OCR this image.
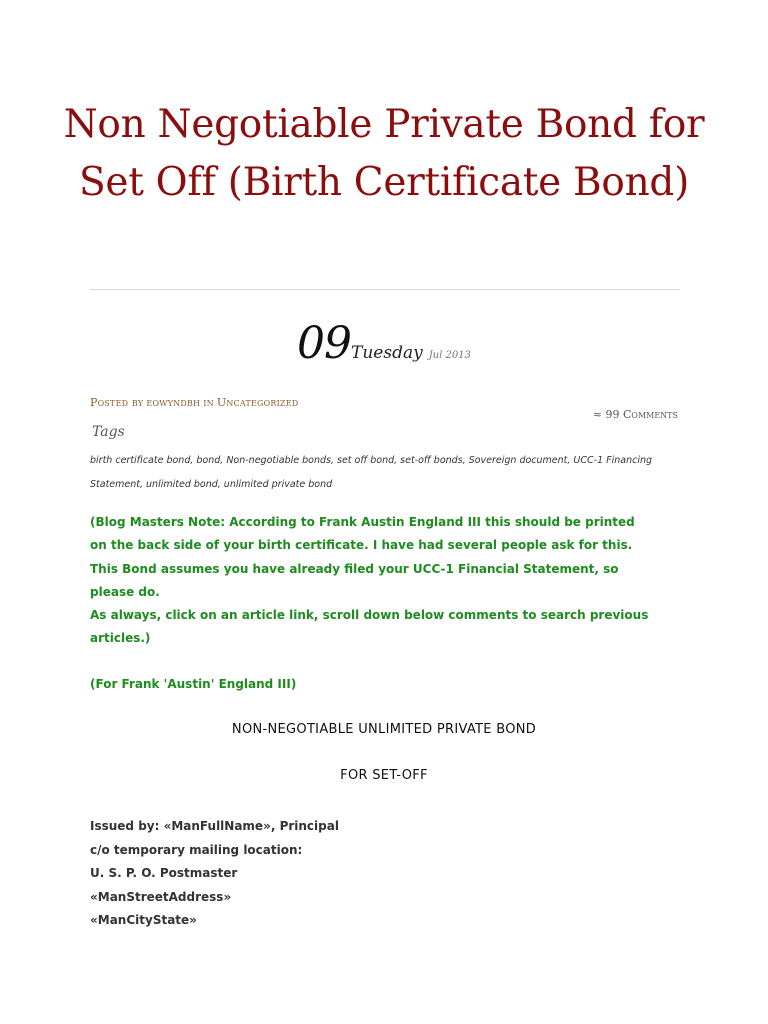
Non Negotiable Private Bond for Set Off (Birth Certificate Bond)
09Tuesday Jul 2013
Posted by eowyndbh in Uncategorized
≈ 99 Comments
Tags
birth certificate bond, bond, Non-negotiable bonds, set off bond, set-off bonds, Sovereign document, UCC-1 Financing Statement, unlimited bond, unlimited private bond

(Blog Masters Note: According to Frank Austin England III this should be printed

on the back side of your birth certificate. I have had several people ask for this.

This Bond assumes you have already filed your UCC-1 Financial Statement, so

please do.

As always, click on an article link, scroll down below comments to search previous

articles.)

(For Frank 'Austin' England III)
NON-NEGOTIABLE UNLIMITED PRIVATE BOND
FOR SET-OFF
Issued by: «ManFullName», Principal
c/o temporary mailing location:
U. S. P. O. Postmaster
«ManStreetAddress»
«ManCityState»
